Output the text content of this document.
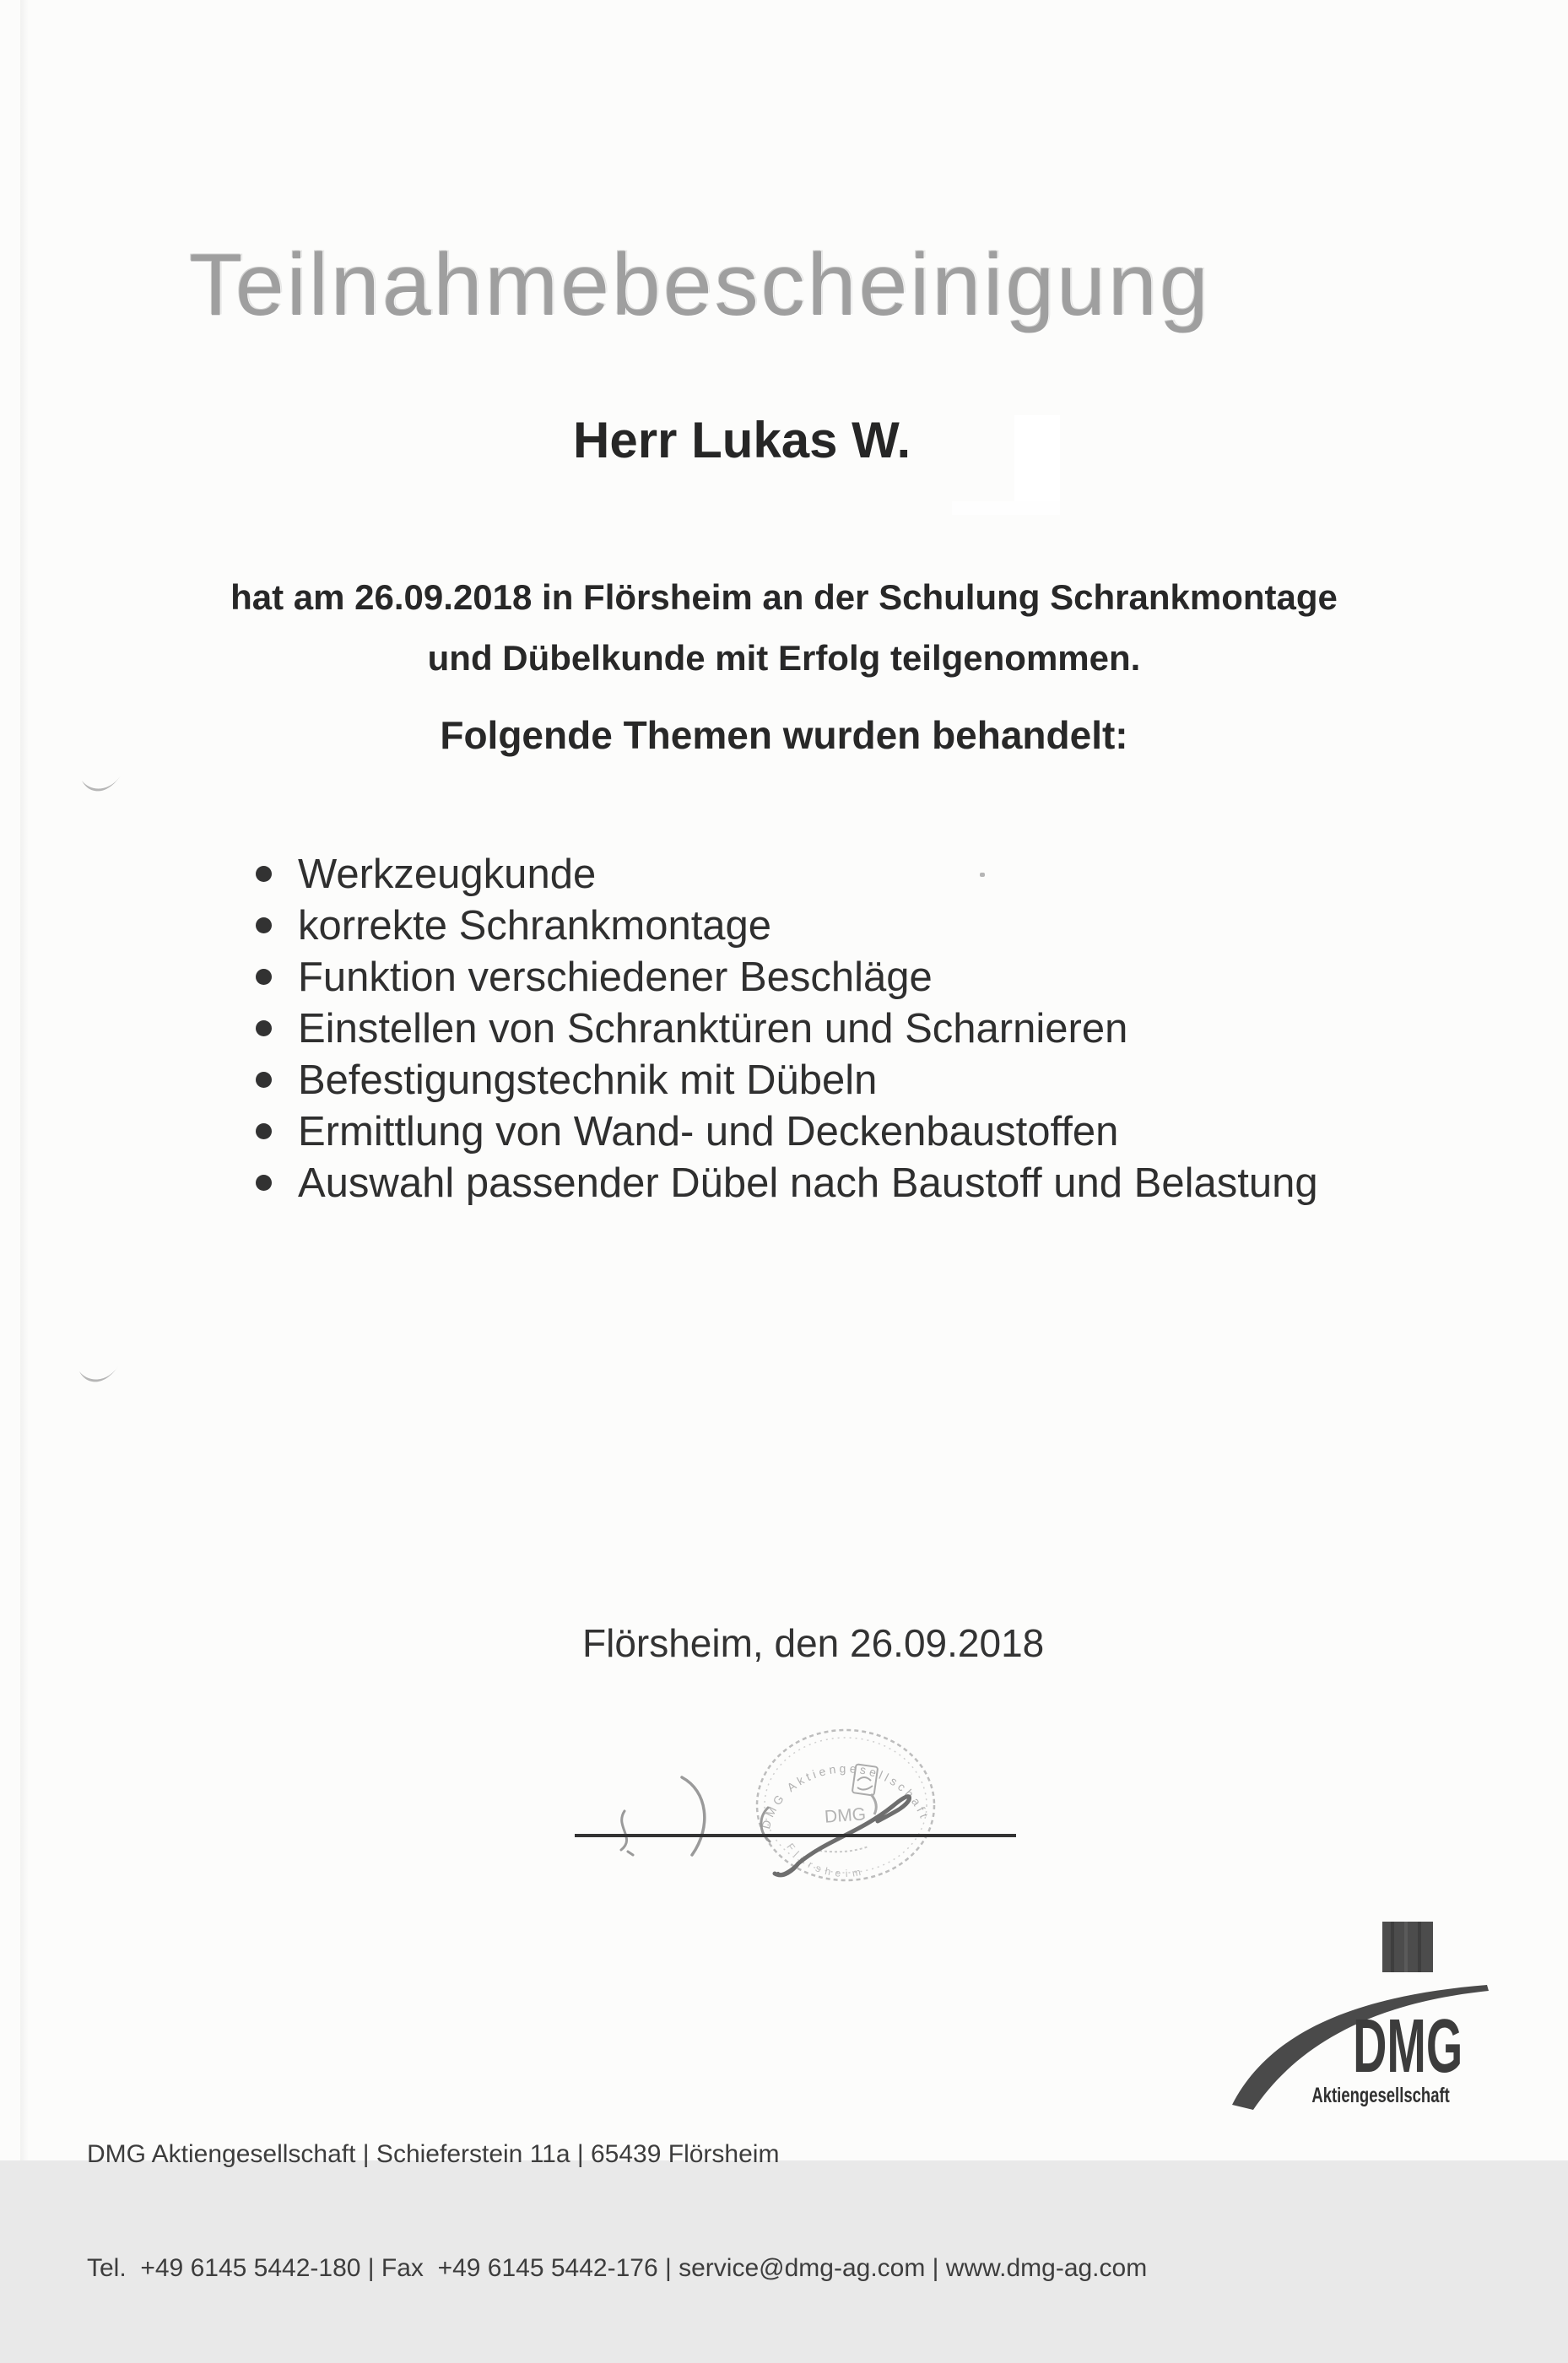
Teilnahmebescheinigung
Herr Lukas W.
hat am 26.09.2018 in Flörsheim an der Schulung Schrankmontage
und Dübelkunde mit Erfolg teilgenommen.
Folgende Themen wurden behandelt:
Werkzeugkunde
korrekte Schrankmontage
Funktion verschiedener Beschläge
Einstellen von Schranktüren und Scharnieren
Befestigungstechnik mit Dübeln
Ermittlung von Wand- und Deckenbaustoffen
Auswahl passender Dübel nach Baustoff und Belastung
Flörsheim, den 26.09.2018
DMG Aktiengesellschaft
Flörsheim
DMG

DMG Aktiengesellschaft | Schieferstein 11a | 65439 Flörsheim

Tel.  +49 6145 5442-180 | Fax  +49 6145 5442-176 | service@dmg-ag.com | www.dmg-ag.com

DMG
Aktiengesellschaft
